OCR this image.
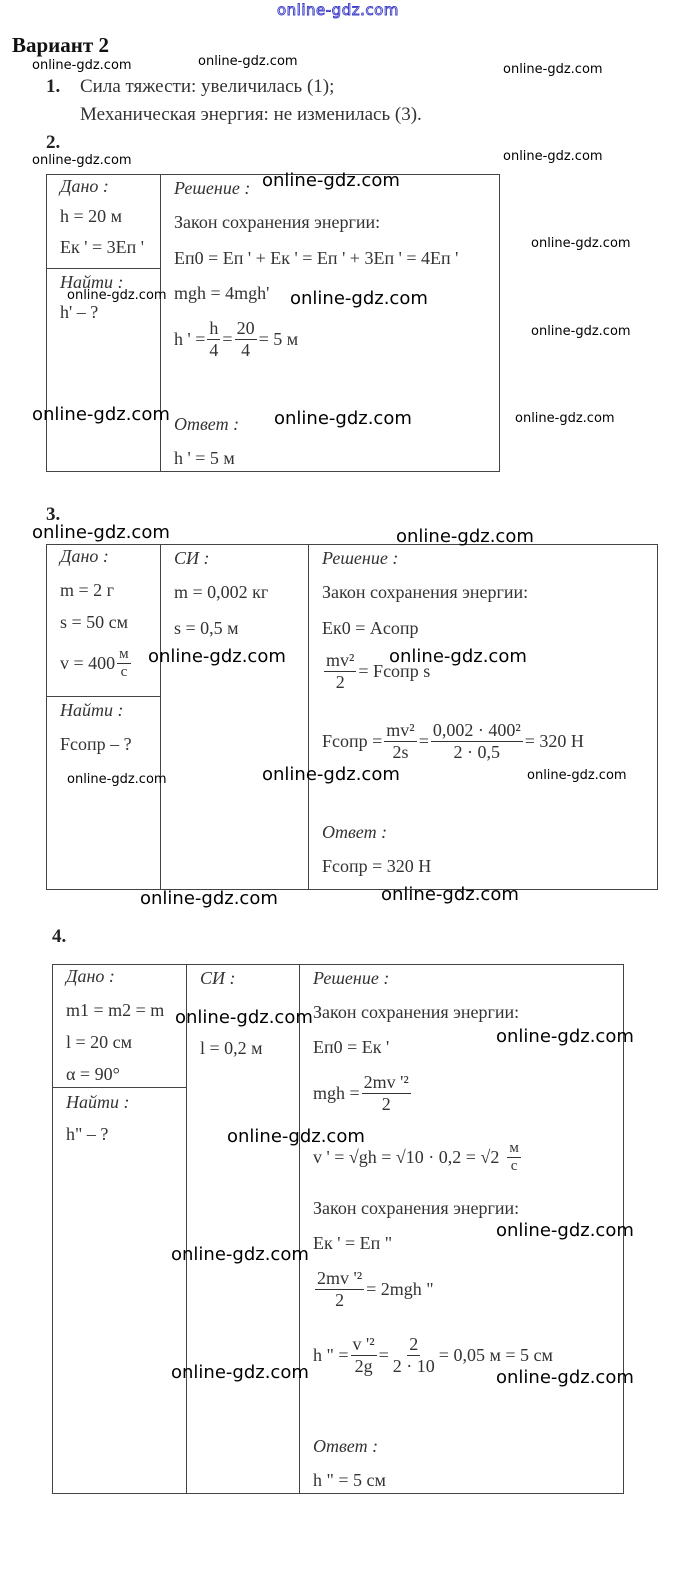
online-gdz.com
Вариант 2
1. Сила тяжести: увеличилась (1);
Механическая энергия: не изменилась (3).
2.
Дано :
h = 20 м
Eк ' = 3Eп '
Найти :
h' – ?
Решение :
Закон сохранения энергии:
Eп0 = Eп ' + Eк ' = Eп ' + 3Eп ' = 4Eп '
mgh = 4mgh'
h ' = $\frac{h}{4} = \frac{20}{4} = 5$ м
Ответ :
h ' = 5 м
3.
Дано :
m = 2 г
s = 50 см
$v = 400 \frac{м}{с}$
Найти :
Fсопр – ?
СИ :
m = 0,002 кг
s = 0,5 м
Решение :
Закон сохранения энергии:
Eк0 = Aсопр
$\frac{\text{mv²}}{2}$ = Fсопр s
Fсопр = $\frac{\text{mv²}}{2s} = \frac{\text{0,002 · 400²}}{2 \cdot 0,5} = 320$ Н
Ответ :
Fсопр = 320 Н
4.
Дано :
m1 = m2 = m
l = 20 см
α = 90°
Найти :
h" – ?
СИ :
l = 0,2 м
Решение :
Закон сохранения энергии:
Eп0 = Eк '
mgh = $\frac{\text{2mv '²}}{2}$
v ' = $√gh = √10 \cdot 0,2 = √2 \frac{м}{с}$
Закон сохранения энергии:
Eк ' = Eп "
$\frac{\text{2mv '²}}{2} = 2mgh$ "
h " = $\frac{\text{v '²}}{2g} = \frac{2}{2 \cdot 10} = 0,05$ м = 5 см
Ответ :
h " = 5 см
online-gdz.com	online-gdz.com
online-gdz.com
online-gdz.com	online-gdz.com
online-gdz.com
online-gdz.com
online-gdz.com
online-gdz.com
online-gdz.com	online-gdz.com
online-gdz.com
online-gdz.com
online-gdz.com	online-gdz.com
online-gdz.com	online-gdz.com
online-gdz.com	online-gdz.com
online-gdz.com
online-gdz.com	online-gdz.com
online-gdz.com
online-gdz.com
online-gdz.com
online-gdz.com
online-gdz.com
online-gdz.com	online-gdz.com
